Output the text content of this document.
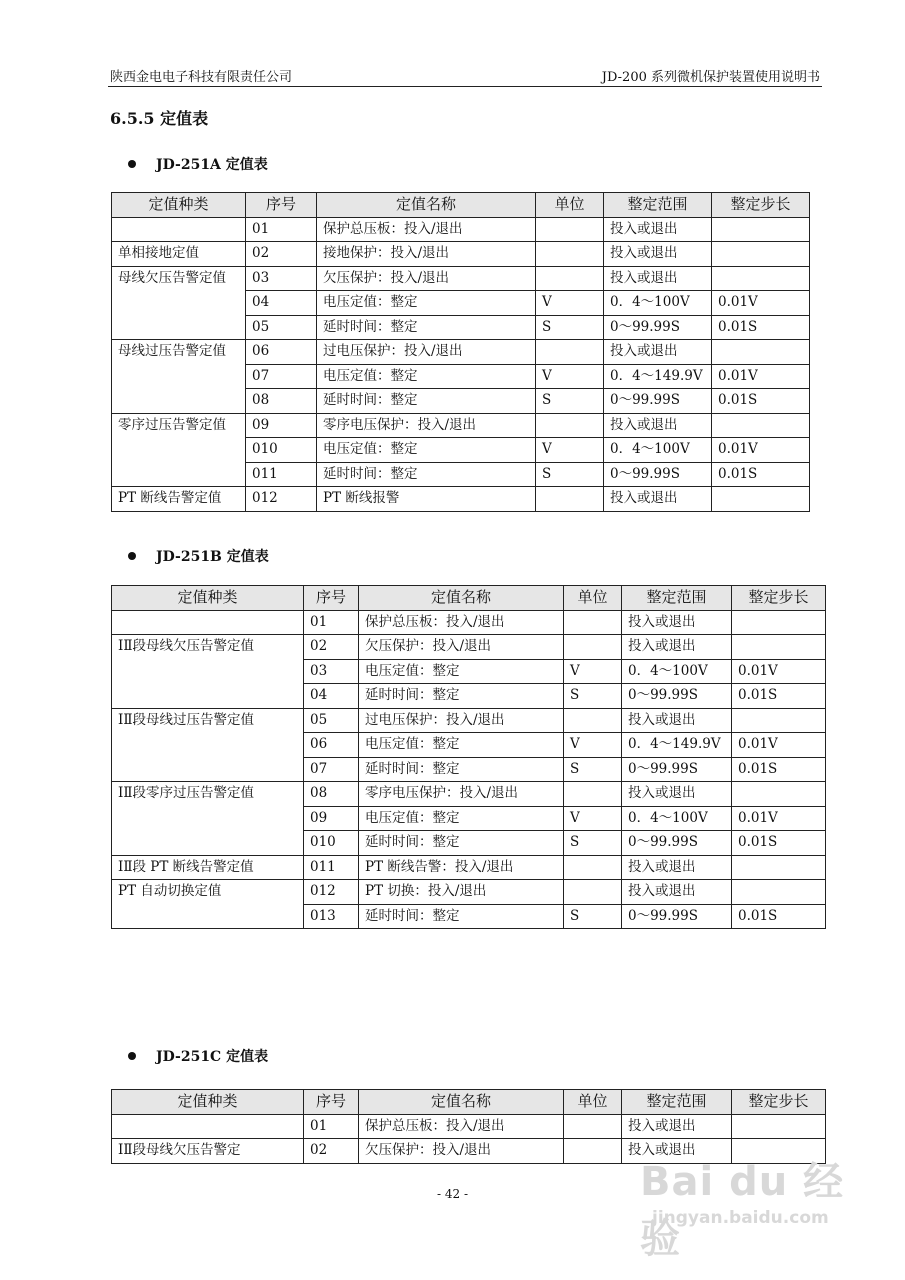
陕西金电电子科技有限责任公司	JD-200 系列微机保护装置使用说明书
6.5.5 定值表
JD-251A 定值表
定值种类	序号	定值名称	单位	整定范围	整定步长
	01	保护总压板：投入/退出		投入或退出	
单相接地定值	02	接地保护：投入/退出		投入或退出	
母线欠压告警定值	03	欠压保护：投入/退出		投入或退出	
	04	电压定值：整定	V	0．4～100V	0.01V
	05	延时时间：整定	S	0～99.99S	0.01S
母线过压告警定值	06	过电压保护：投入/退出		投入或退出	
	07	电压定值：整定	V	0．4～149.9V	0.01V
	08	延时时间：整定	S	0～99.99S	0.01S
零序过压告警定值	09	零序电压保护：投入/退出		投入或退出	
	010	电压定值：整定	V	0．4～100V	0.01V
	011	延时时间：整定	S	0～99.99S	0.01S
PT 断线告警定值	012	PT 断线报警		投入或退出	
JD-251B 定值表
定值种类	序号	定值名称	单位	整定范围	整定步长
	01	保护总压板：投入/退出		投入或退出	
ⅠⅡ段母线欠压告警定值	02	欠压保护：投入/退出		投入或退出	
	03	电压定值：整定	V	0．4～100V	0.01V
	04	延时时间：整定	S	0～99.99S	0.01S
ⅠⅡ段母线过压告警定值	05	过电压保护：投入/退出		投入或退出	
	06	电压定值：整定	V	0．4～149.9V	0.01V
	07	延时时间：整定	S	0～99.99S	0.01S
ⅠⅡ段零序过压告警定值	08	零序电压保护：投入/退出		投入或退出	
	09	电压定值：整定	V	0．4～100V	0.01V
	010	延时时间：整定	S	0～99.99S	0.01S
ⅠⅡ段 PT 断线告警定值	011	PT 断线告警：投入/退出		投入或退出	
PT 自动切换定值	012	PT 切换：投入/退出		投入或退出	
	013	延时时间：整定	S	0～99.99S	0.01S
JD-251C 定值表
定值种类	序号	定值名称	单位	整定范围	整定步长
	01	保护总压板：投入/退出		投入或退出	
ⅠⅡ段母线欠压告警定	02	欠压保护：投入/退出		投入或退出	
- 42 -	Bai du 经验
jingyan.baidu.com
